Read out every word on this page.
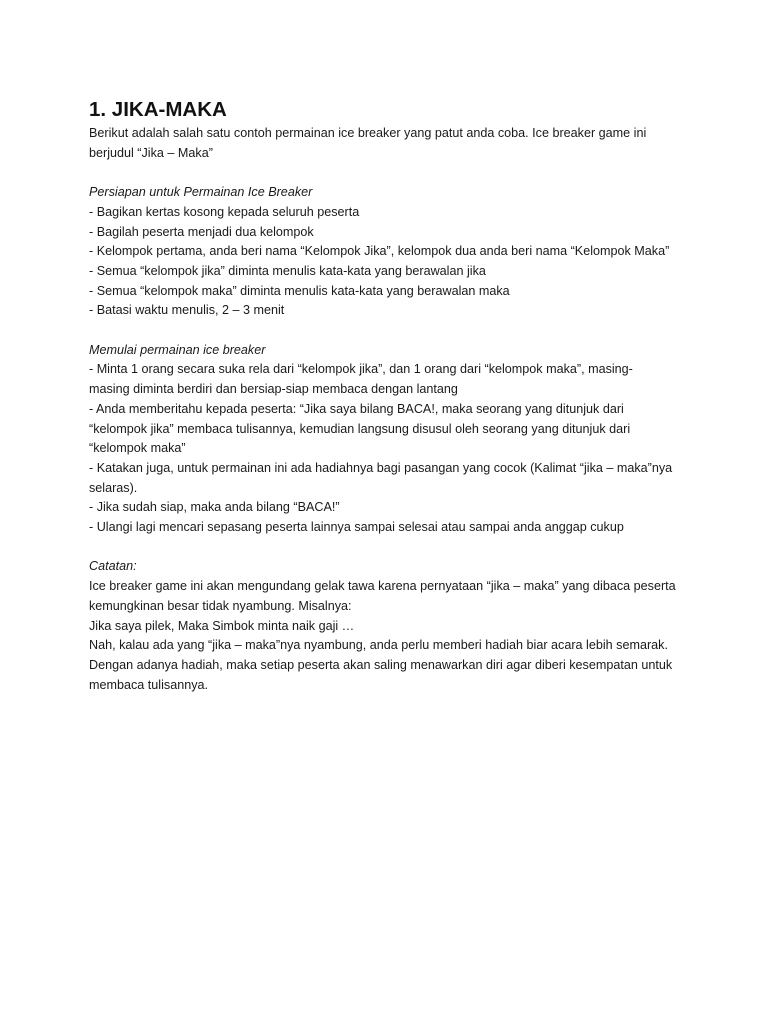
1. JIKA-MAKA

Berikut adalah salah satu contoh permainan ice breaker yang patut anda coba. Ice breaker game ini
berjudul “Jika – Maka”

Persiapan untuk Permainan Ice Breaker

- Bagikan kertas kosong kepada seluruh peserta
- Bagilah peserta menjadi dua kelompok
- Kelompok pertama, anda beri nama “Kelompok Jika”, kelompok dua anda beri nama “Kelompok Maka”
- Semua “kelompok jika” diminta menulis kata-kata yang berawalan jika
- Semua “kelompok maka” diminta menulis kata-kata yang berawalan maka
- Batasi waktu menulis, 2 – 3 menit

Memulai permainan ice breaker

- Minta 1 orang secara suka rela dari “kelompok jika”, dan 1 orang dari “kelompok maka”, masing-
masing diminta berdiri dan bersiap-siap membaca dengan lantang
- Anda memberitahu kepada peserta: “Jika saya bilang BACA!, maka seorang yang ditunjuk dari
“kelompok jika” membaca tulisannya, kemudian langsung disusul oleh seorang yang ditunjuk dari
“kelompok maka”
- Katakan juga, untuk permainan ini ada hadiahnya bagi pasangan yang cocok (Kalimat “jika – maka”nya
selaras).
- Jika sudah siap, maka anda bilang “BACA!”
- Ulangi lagi mencari sepasang peserta lainnya sampai selesai atau sampai anda anggap cukup

Catatan:

Ice breaker game ini akan mengundang gelak tawa karena pernyataan “jika – maka” yang dibaca peserta
kemungkinan besar tidak nyambung. Misalnya:
Jika saya pilek, Maka Simbok minta naik gaji …
Nah, kalau ada yang “jika – maka”nya nyambung, anda perlu memberi hadiah biar acara lebih semarak.
Dengan adanya hadiah, maka setiap peserta akan saling menawarkan diri agar diberi kesempatan untuk
membaca tulisannya.
